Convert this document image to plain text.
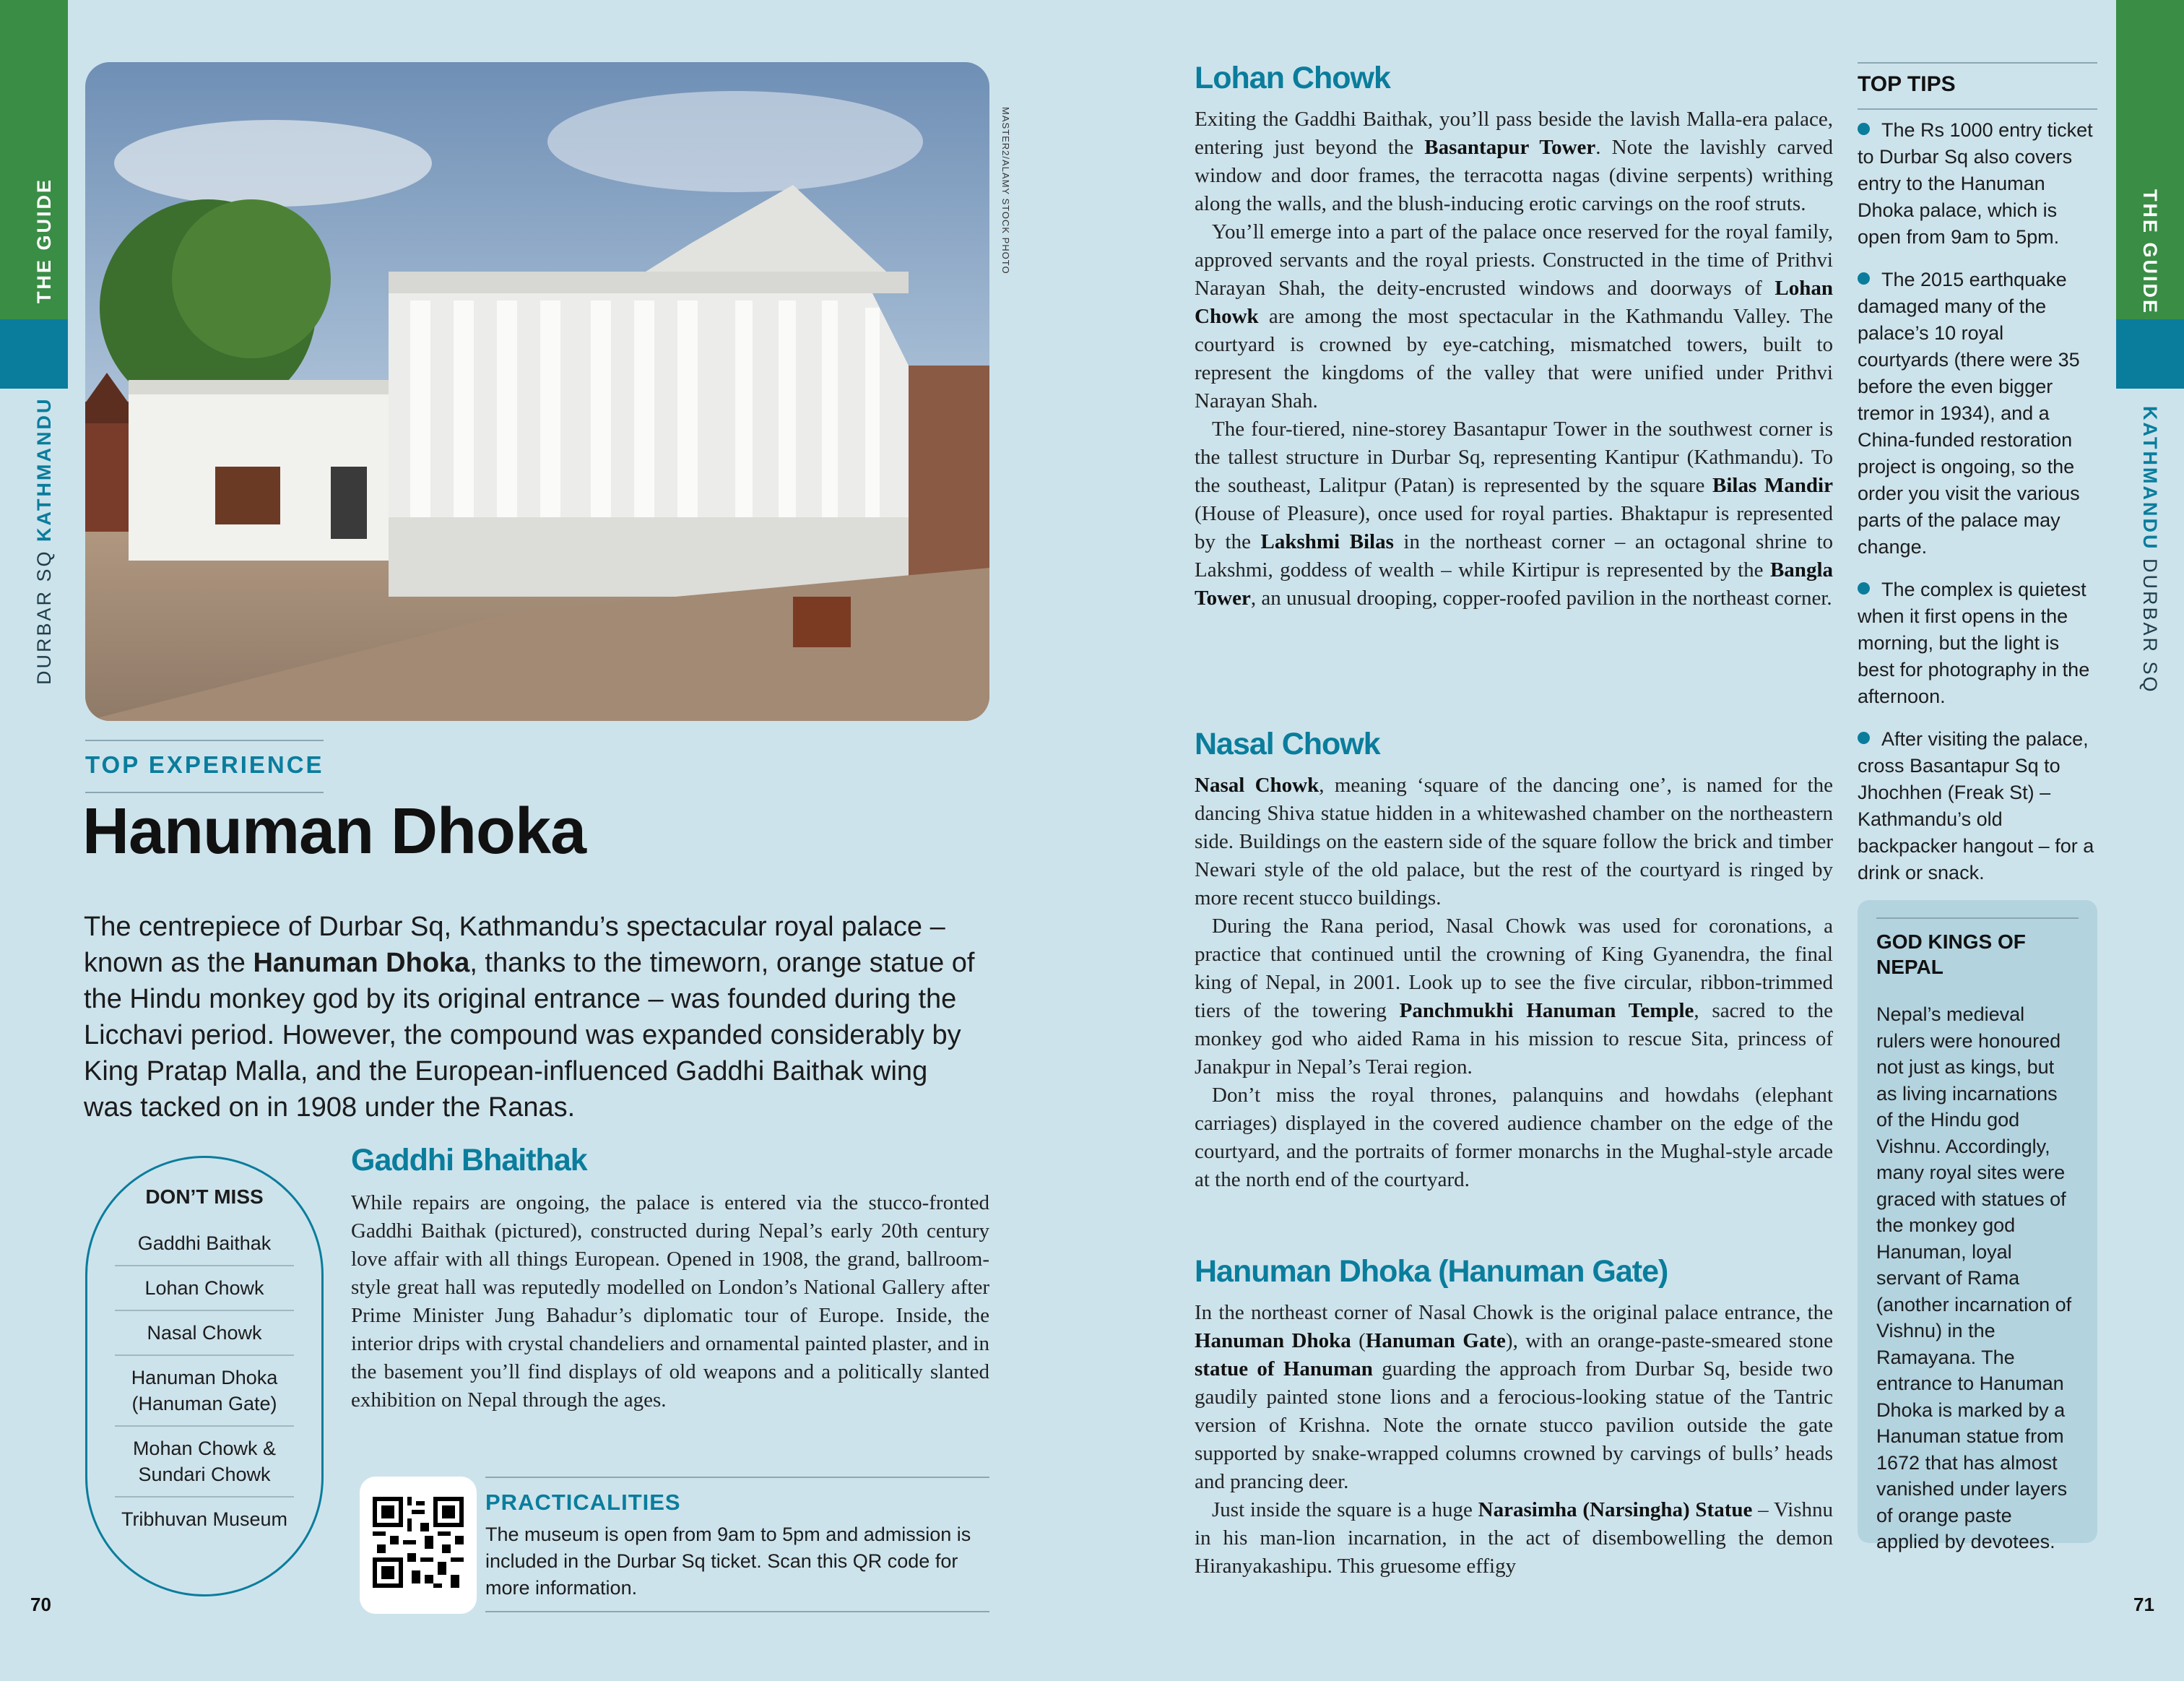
THE GUIDE
DURBAR SQ KATHMANDU
THE GUIDE
KATHMANDU DURBAR SQ
MASTER2/ALAMY STOCK PHOTO
TOP EXPERIENCE
Hanuman Dhoka

The centrepiece of Durbar Sq, Kathmandu’s spectacular royal palace – known as the Hanuman Dhoka, thanks to the timeworn, orange statue of the Hindu monkey god by its original entrance – was founded during the Licchavi period. However, the compound was expanded considerably by King Pratap Malla, and the European-influenced Gaddhi Baithak wing was tacked on in 1908 under the Ranas.

DON’T MISS
Gaddhi Baithak
Lohan Chowk
Nasal Chowk
Hanuman Dhoka (Hanuman Gate)
Mohan Chowk & Sundari Chowk
Tribhuvan Museum
Gaddhi Bhaithak

While repairs are ongoing, the palace is entered via the stucco-fronted Gaddhi Baithak (pictured), constructed during Nepal’s early 20th century love affair with all things European. Opened in 1908, the grand, ballroom-style great hall was reputedly modelled on London’s National Gallery after Prime Minister Jung Bahadur’s diplomatic tour of Europe. Inside, the interior drips with crystal chandeliers and ornamental painted plaster, and in the basement you’ll find displays of old weapons and a politically slanted exhibition on Nepal through the ages.

PRACTICALITIES
The museum is open from 9am to 5pm and admission is included in the Durbar Sq ticket. Scan this QR code for more information.
70
Lohan Chowk

Exiting the Gaddhi Baithak, you’ll pass beside the lavish Malla-era palace, entering just beyond the Basantapur Tower. Note the lavishly carved window and door frames, the terracotta nagas (divine serpents) writhing along the walls, and the blush-inducing erotic carvings on the roof struts.

You’ll emerge into a part of the palace once reserved for the royal family, approved servants and the royal priests. Constructed in the time of Prithvi Narayan Shah, the deity-encrusted windows and doorways of Lohan Chowk are among the most spectacular in the Kathmandu Valley. The courtyard is crowned by eye-catching, mismatched towers, built to represent the kingdoms of the valley that were unified under Prithvi Narayan Shah.

The four-tiered, nine-storey Basantapur Tower in the southwest corner is the tallest structure in Durbar Sq, representing Kantipur (Kathmandu). To the southeast, Lalitpur (Patan) is represented by the square Bilas Mandir (House of Pleasure), once used for royal parties. Bhaktapur is represented by the Lakshmi Bilas in the northeast corner – an octagonal shrine to Lakshmi, goddess of wealth – while Kirtipur is represented by the Bangla Tower, an unusual drooping, copper-roofed pavilion in the northeast corner.

Nasal Chowk

Nasal Chowk, meaning ‘square of the dancing one’, is named for the dancing Shiva statue hidden in a whitewashed chamber on the northeastern side. Buildings on the eastern side of the square follow the brick and timber Newari style of the old palace, but the rest of the courtyard is ringed by more recent stucco buildings.

During the Rana period, Nasal Chowk was used for coronations, a practice that continued until the crowning of King Gyanendra, the final king of Nepal, in 2001. Look up to see the five circular, ribbon-trimmed tiers of the towering Panchmukhi Hanuman Temple, sacred to the monkey god who aided Rama in his mission to rescue Sita, princess of Janakpur in Nepal’s Terai region.

Don’t miss the royal thrones, palanquins and howdahs (elephant carriages) displayed in the covered audience chamber on the edge of the courtyard, and the portraits of former monarchs in the Mughal-style arcade at the north end of the courtyard.

Hanuman Dhoka (Hanuman Gate)

In the northeast corner of Nasal Chowk is the original palace entrance, the Hanuman Dhoka (Hanuman Gate), with an orange-paste-smeared stone statue of Hanuman guarding the approach from Durbar Sq, beside two gaudily painted stone lions and a ferocious-looking statue of the Tantric version of Krishna. Note the ornate stucco pavilion outside the gate supported by snake-wrapped columns crowned by carvings of bulls’ heads and prancing deer.

Just inside the square is a huge Narasimha (Narsingha) Statue – Vishnu in his man-lion incarnation, in the act of disembowelling the demon Hiranyakashipu. This gruesome effigy

TOP TIPS
The Rs 1000 entry ticket to Durbar Sq also covers entry to the Hanuman Dhoka palace, which is open from 9am to 5pm.
The 2015 earthquake damaged many of the palace’s 10 royal courtyards (there were 35 before the even bigger tremor in 1934), and a China-funded restoration project is ongoing, so the order you visit the various parts of the palace may change.
The complex is quietest when it first opens in the morning, but the light is best for photography in the afternoon.
After visiting the palace, cross Basantapur Sq to Jhochhen (Freak St) – Kathmandu’s old backpacker hangout – for a drink or snack.
GOD KINGS OF NEPAL
Nepal’s medieval rulers were honoured not just as kings, but as living incarnations of the Hindu god Vishnu. Accordingly, many royal sites were graced with statues of the monkey god Hanuman, loyal servant of Rama (another incarnation of Vishnu) in the Ramayana. The entrance to Hanuman Dhoka is marked by a Hanuman statue from 1672 that has almost vanished under layers of orange paste applied by devotees.
71
